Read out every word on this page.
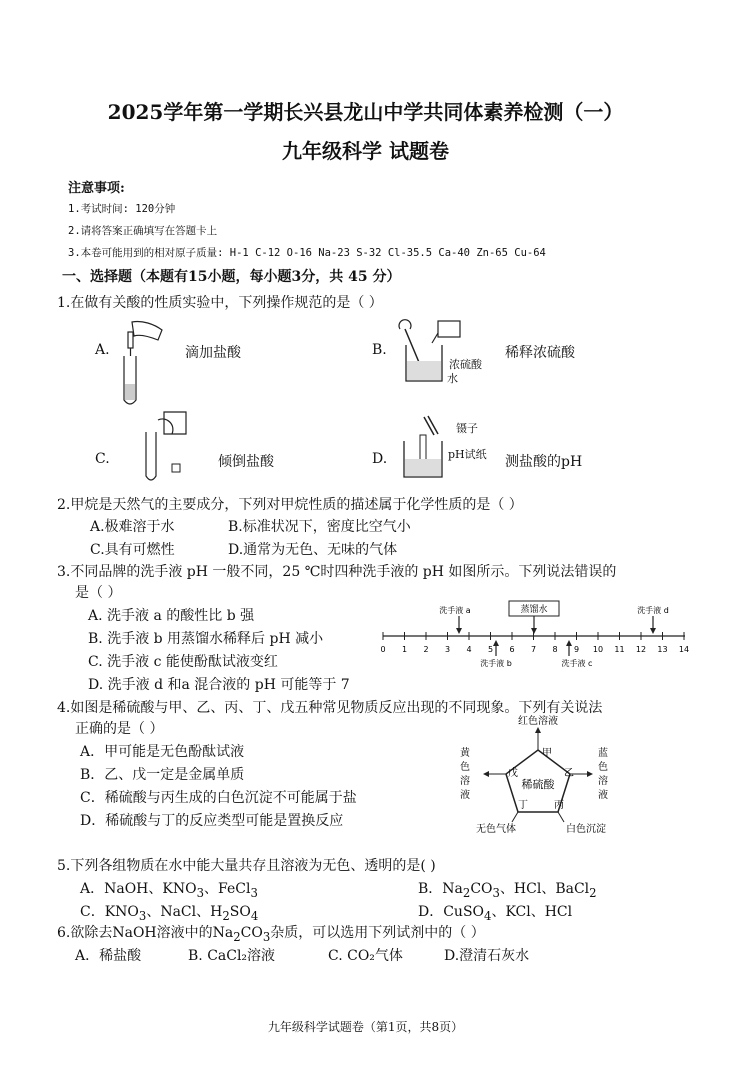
2025学年第一学期长兴县龙山中学共同体素养检测（一）
九年级科学 试题卷
注意事项:
1.考试时间: 120分钟
2.请将答案正确填写在答题卡上
3.本卷可能用到的相对原子质量: H-1 C-12 O-16 Na-23 S-32 Cl-35.5 Ca-40 Zn-65 Cu-64
一、选择题（本题有15小题，每小题3分，共 45 分）
1.在做有关酸的性质实验中，下列操作规范的是（ ）
A.	滴加盐酸	B.	稀释浓硫酸
C.	倾倒盐酸	D.	测盐酸的pH
浓硫酸
水
镊子
pH试纸
2.甲烷是天然气的主要成分，下列对甲烷性质的描述属于化学性质的是（ ）
A.极难溶于水	B.标准状况下，密度比空气小
C.具有可燃性	D.通常为无色、无味的气体
3.不同品牌的洗手液 pH 一般不同，25 ℃时四种洗手液的 pH 如图所示。下列说法错误的
是（ ）
A. 洗手液 a 的酸性比 b 强
B. 洗手液 b 用蒸馏水稀释后 pH 减小
C. 洗手液 c 能使酚酞试液变红
D. 洗手液 d 和a 混合液的 pH 可能等于 7
0 1 2 3 4 5 6 7 8 9 10 11 12 13 14
蒸馏水
洗手液 a	洗手液 d
洗手液 b	洗手液 c
4.如图是稀硫酸与甲、乙、丙、丁、戊五种常见物质反应出现的不同现象。下列有关说法
正确的是（ ）
A．甲可能是无色酚酞试液
B．乙、戊一定是金属单质
C．稀硫酸与丙生成的白色沉淀不可能属于盐
D．稀硫酸与丁的反应类型可能是置换反应
稀硫酸
甲
乙
丙
丁
戊
红色溶液
白色沉淀
无色气体
蓝
色
溶
液
黄
色
溶
液
5.下列各组物质在水中能大量共存且溶液为无色、透明的是( )
A．NaOH、$KNO_3$、FeCl$_3$	B．$Na_2CO_3$、HCl、BaCl$_2$
C．$KNO_3$、NaCl、$H_2SO_4$	D．CuSO$_4$、KCl、HCl
6.欲除去NaOH溶液中的$Na_2CO_3$杂质，可以选用下列试剂中的（ ）
A．稀盐酸	B. CaCl₂溶液	C. CO₂气体	D.澄清石灰水
九年级科学试题卷（第1页，共8页）
